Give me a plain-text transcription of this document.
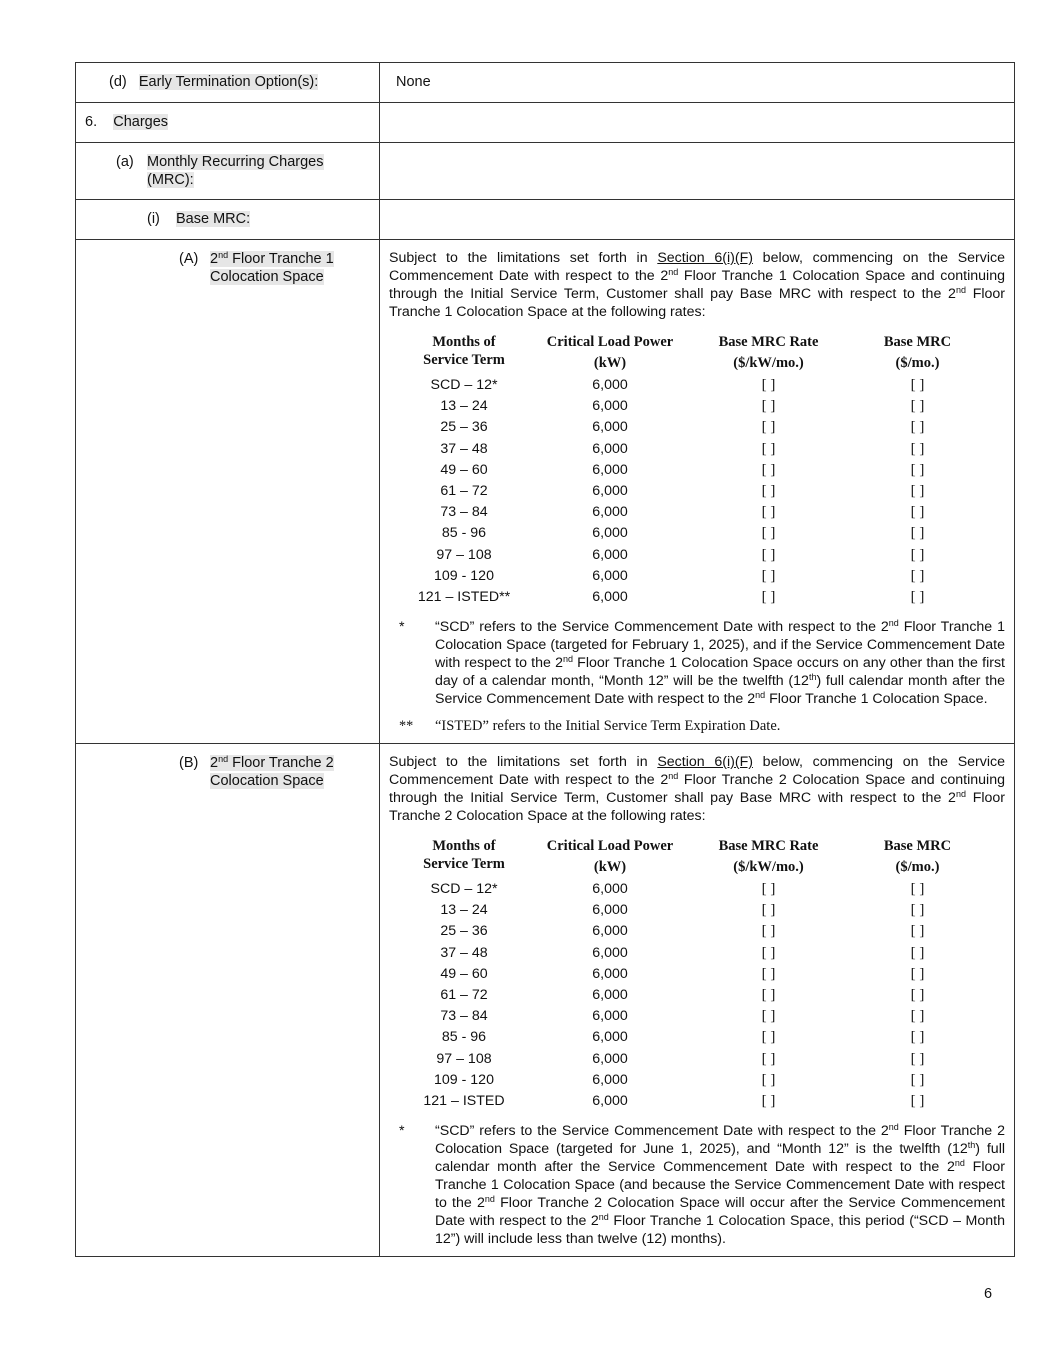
(d) Early Termination Option(s):	None

6. Charges

(a) Monthly Recurring Charges (MRC):

(i) Base MRC:

(A) 2nd Floor Tranche 1 Colocation Space

Subject to the limitations set forth in Section 6(i)(F) below, commencing on the Service Commencement Date with respect to the 2nd Floor Tranche 1 Colocation Space and continuing through the Initial Service Term, Customer shall pay Base MRC with respect to the 2nd Floor Tranche 1 Colocation Space at the following rates:
Months of
Service Term	Critical Load Power
(kW)
	Base MRC Rate
($/kW/mo.)
	Base MRC
($/mo.)

SCD – 12*	6,000	[ ]	[ ]
13 – 24	6,000	[ ]	[ ]
25 – 36	6,000	[ ]	[ ]
37 – 48	6,000	[ ]	[ ]
49 – 60	6,000	[ ]	[ ]
61 – 72	6,000	[ ]	[ ]
73 – 84	6,000	[ ]	[ ]
85 - 96	6,000	[ ]	[ ]
97 – 108	6,000	[ ]	[ ]
109 - 120	6,000	[ ]	[ ]
121 – ISTED**	6,000	[ ]	[ ]
* “SCD” refers to the Service Commencement Date with respect to the 2nd Floor Tranche 1 Colocation Space (targeted for February 1, 2025), and if the Service Commencement Date with respect to the 2nd Floor Tranche 1 Colocation Space occurs on any other than the first day of a calendar month, “Month 12” will be the twelfth (12th) full calendar month after the Service Commencement Date with respect to the 2nd Floor Tranche 1 Colocation Space.
** “ISTED” refers to the Initial Service Term Expiration Date.

(B) 2nd Floor Tranche 2 Colocation Space

Subject to the limitations set forth in Section 6(i)(F) below, commencing on the Service Commencement Date with respect to the 2nd Floor Tranche 2 Colocation Space and continuing through the Initial Service Term, Customer shall pay Base MRC with respect to the 2nd Floor Tranche 2 Colocation Space at the following rates:
Months of
Service Term	Critical Load Power
(kW)
	Base MRC Rate
($/kW/mo.)
	Base MRC
($/mo.)

SCD – 12*	6,000	[ ]	[ ]
13 – 24	6,000	[ ]	[ ]
25 – 36	6,000	[ ]	[ ]
37 – 48	6,000	[ ]	[ ]
49 – 60	6,000	[ ]	[ ]
61 – 72	6,000	[ ]	[ ]
73 – 84	6,000	[ ]	[ ]
85 - 96	6,000	[ ]	[ ]
97 – 108	6,000	[ ]	[ ]
109 - 120	6,000	[ ]	[ ]
121 – ISTED	6,000	[ ]	[ ]
* “SCD” refers to the Service Commencement Date with respect to the 2nd Floor Tranche 2 Colocation Space (targeted for June 1, 2025), and “Month 12” is the twelfth (12th) full calendar month after the Service Commencement Date with respect to the 2nd Floor Tranche 1 Colocation Space (and because the Service Commencement Date with respect to the 2nd Floor Tranche 2 Colocation Space will occur after the Service Commencement Date with respect to the 2nd Floor Tranche 1 Colocation Space, this period (“SCD – Month 12”) will include less than twelve (12) months).
6
